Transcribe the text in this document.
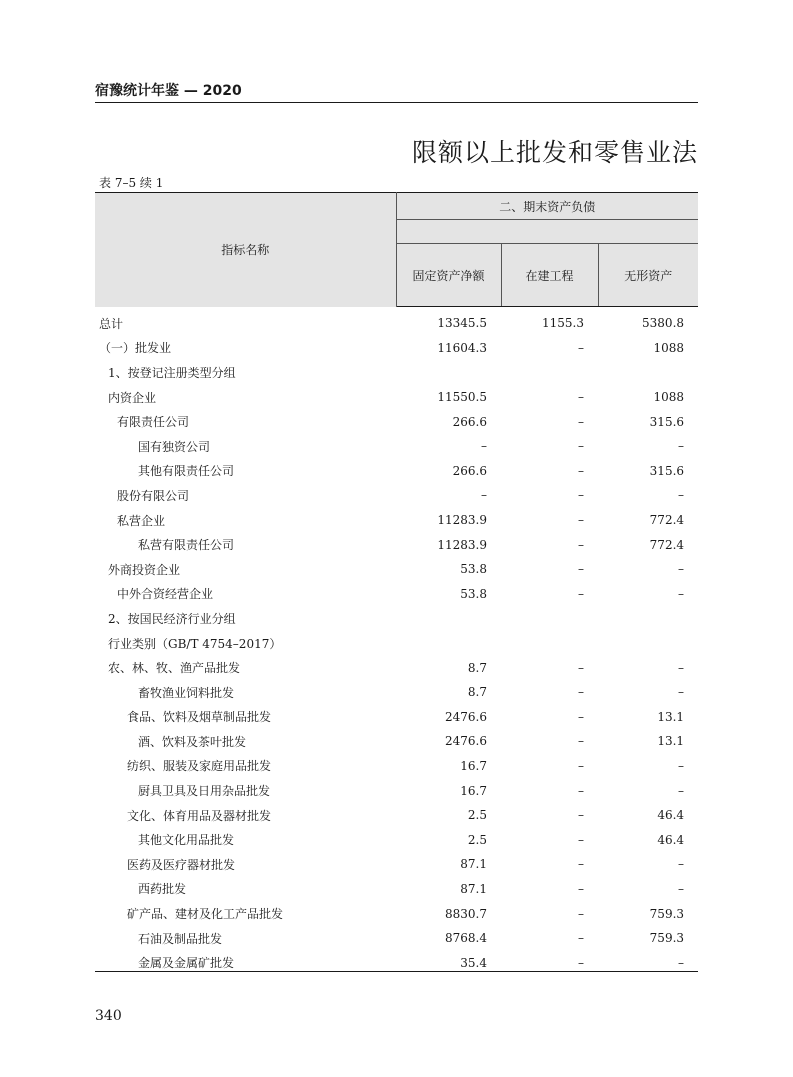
宿豫统计年鉴 — 2020
限额以上批发和零售业法
表 7–5 续 1
指标名称	二、期末资产负债		

	固定资产净额	在建工程	无形资产
总计	13345.5	1155.3	5380.8
（一）批发业	11604.3	–	1088
1、按登记注册类型分组			
内资企业	11550.5	–	1088
有限责任公司	266.6	–	315.6
国有独资公司	–	–	–
其他有限责任公司	266.6	–	315.6
股份有限公司	–	–	–
私营企业	11283.9	–	772.4
私营有限责任公司	11283.9	–	772.4
外商投资企业	53.8	–	–
中外合资经营企业	53.8	–	–
2、按国民经济行业分组			
行业类别（GB/T 4754–2017）			
农、林、牧、渔产品批发	8.7	–	–
畜牧渔业饲料批发	8.7	–	–
食品、饮料及烟草制品批发	2476.6	–	13.1
酒、饮料及茶叶批发	2476.6	–	13.1
纺织、服装及家庭用品批发	16.7	–	–
厨具卫具及日用杂品批发	16.7	–	–
文化、体育用品及器材批发	2.5	–	46.4
其他文化用品批发	2.5	–	46.4
医药及医疗器材批发	87.1	–	–
西药批发	87.1	–	–
矿产品、建材及化工产品批发	8830.7	–	759.3
石油及制品批发	8768.4	–	759.3
金属及金属矿批发	35.4	–	–
340
